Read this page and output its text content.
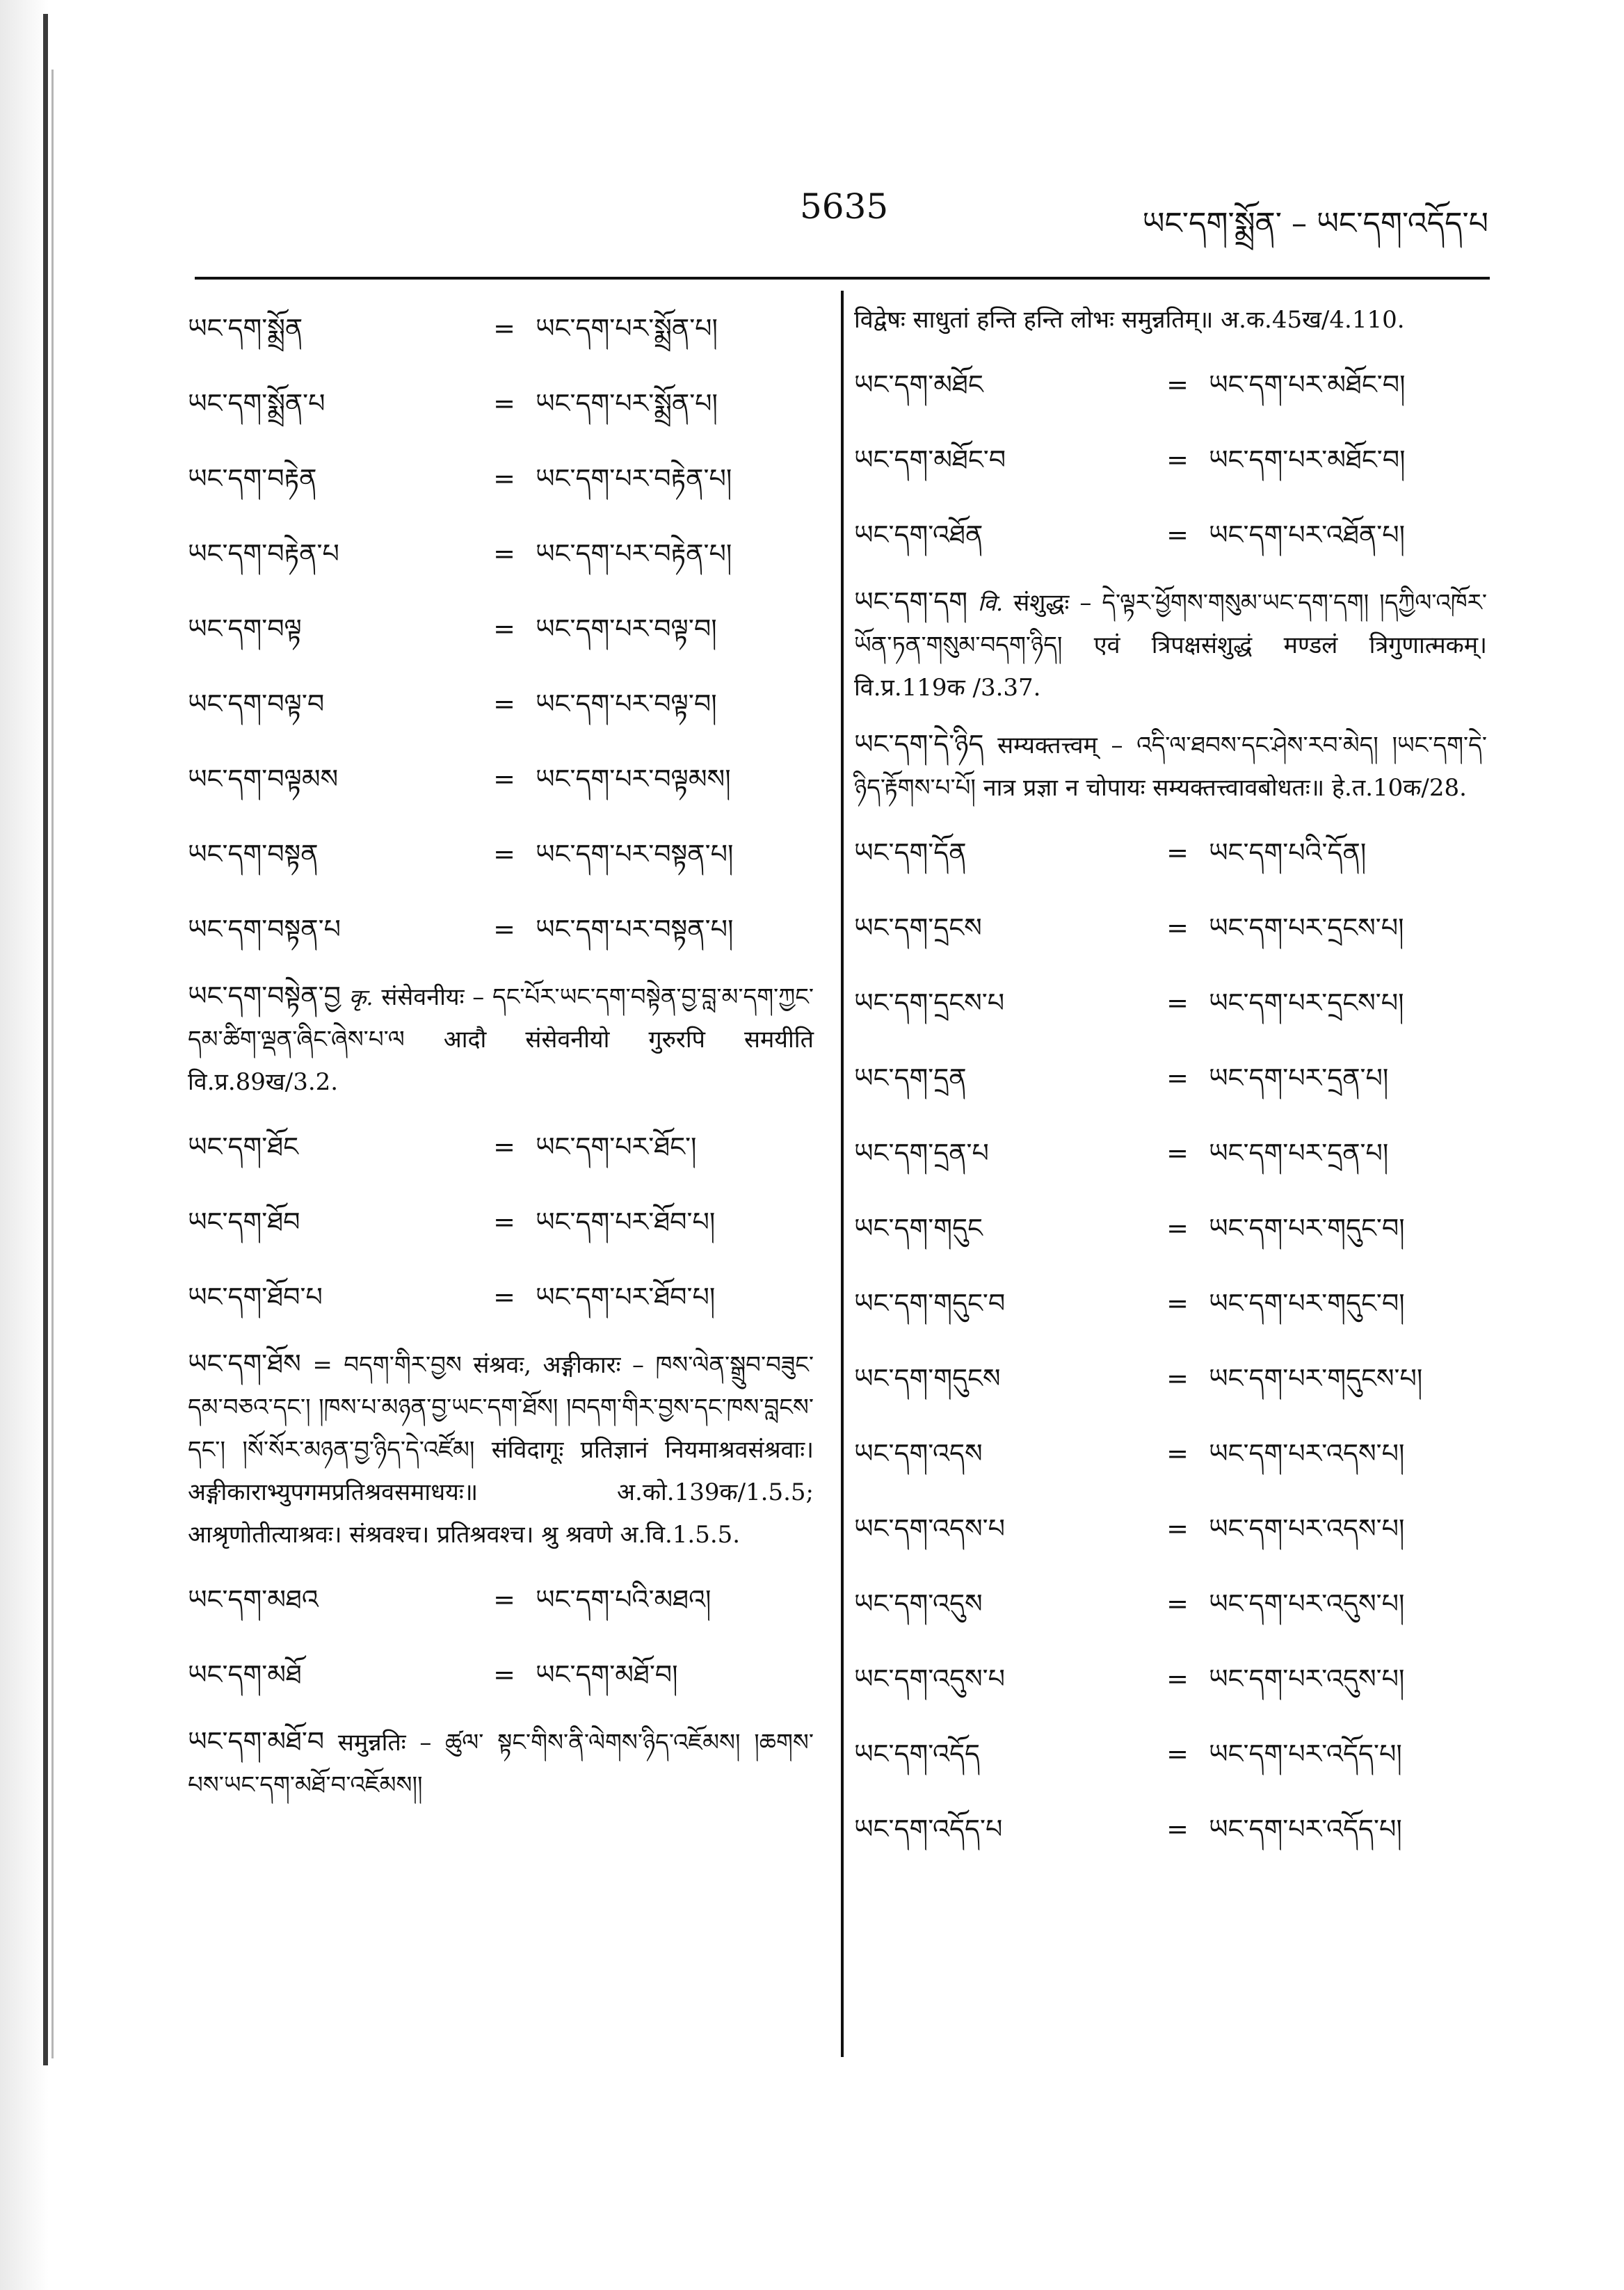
5635	ཡང་དག་སྨྲོན་ – ཡང་དག་འདོད་པ
ཡང་དག་སྨྲོན	= ཡང་དག་པར་སྨྲོན་པ།
ཡང་དག་སྨྲོན་པ	= ཡང་དག་པར་སྨྲོན་པ།
ཡང་དག་བརྟེན	= ཡང་དག་པར་བརྟེན་པ།
ཡང་དག་བརྟེན་པ	= ཡང་དག་པར་བརྟེན་པ།
ཡང་དག་བལྟ	= ཡང་དག་པར་བལྟ་བ།
ཡང་དག་བལྟ་བ	= ཡང་དག་པར་བལྟ་བ།
ཡང་དག་བལྟམས	= ཡང་དག་པར་བལྟམས།
ཡང་དག་བསྟན	= ཡང་དག་པར་བསྟན་པ།
ཡང་དག་བསྟན་པ	= ཡང་དག་པར་བསྟན་པ།
ཡང་དག་བསྟེན་བྱ कृ. संसेवनीयः – དང་པོར་ཡང་དག་བསྟེན་བྱ་བླ་མ་དག་ཀྱང་དམ་ཚིག་ལྡན་ཞིང་ཞེས་པ་ལ आदौ संसेवनीयो गुरुरपि समयीति वि.प्र.89ख/3.2.
ཡང་དག་ཐོང	= ཡང་དག་པར་ཐོང་།
ཡང་དག་ཐོབ	= ཡང་དག་པར་ཐོབ་པ།
ཡང་དག་ཐོབ་པ	= ཡང་དག་པར་ཐོབ་པ།
ཡང་དག་ཐོས = བདག་གིར་བྱས संश्रवः, अङ्गीकारः – ཁས་ལེན་སྒྲུབ་བཟུང་དམ་བཅའ་དང་། །ཁས་པ་མཉན་བྱ་ཡང་དག་ཐོས། །བདག་གིར་བྱས་དང་ཁས་བླངས་དང་། །སོ་སོར་མཉན་བྱ་ཉིད་དེ་འཛོམ། संविदागूः प्रतिज्ञानं नियमाश्रवसंश्रवाः। अङ्गीकाराभ्युपगमप्रतिश्रवसमाधयः॥ अ.को.139क/1.5.5; आश्रृणोतीत्याश्रवः। संश्रवश्च। प्रतिश्रवश्च। श्रु श्रवणे अ.वि.1.5.5.
ཡང་དག་མཐའ	= ཡང་དག་པའི་མཐའ།
ཡང་དག་མཐོ	= ཡང་དག་མཐོ་བ།
ཡང་དག་མཐོ་བ समुन्नतिः – ཚུལ་ སྟང་གིས་ནི་ལེགས་ཉིད་འཇོམས། །ཆགས་པས་ཡང་དག་མཐོ་བ་འཇོམས།།
विद्वेषः साधुतां हन्ति हन्ति लोभः समुन्नतिम्॥ अ.क.45ख/4.110.
ཡང་དག་མཐོང	= ཡང་དག་པར་མཐོང་བ།
ཡང་དག་མཐོང་བ	= ཡང་དག་པར་མཐོང་བ།
ཡང་དག་འཐོན	= ཡང་དག་པར་འཐོན་པ།
ཡང་དག་དག वि. संशुद्धः – དེ་ལྟར་ཕྱོགས་གསུམ་ཡང་དག་དག། །དཀྱིལ་འཁོར་ཡོན་ཏན་གསུམ་བདག་ཉིད། एवं त्रिपक्षसंशुद्धं मण्डलं त्रिगुणात्मकम्। वि.प्र.119क /3.37.
ཡང་དག་དེ་ཉིད सम्यक्तत्त्वम् – འདི་ལ་ཐབས་དང་ཤེས་རབ་མེད། །ཡང་དག་དེ་ཉིད་རྟོགས་པ་པོ། नात्र प्रज्ञा न चोपायः सम्यक्तत्त्वावबोधतः॥ हे.त.10क/28.
ཡང་དག་དོན	= ཡང་དག་པའི་དོན།
ཡང་དག་དྲངས	= ཡང་དག་པར་དྲངས་པ།
ཡང་དག་དྲངས་པ	= ཡང་དག་པར་དྲངས་པ།
ཡང་དག་དྲན	= ཡང་དག་པར་དྲན་པ།
ཡང་དག་དྲན་པ	= ཡང་དག་པར་དྲན་པ།
ཡང་དག་གདུང	= ཡང་དག་པར་གདུང་བ།
ཡང་དག་གདུང་བ	= ཡང་དག་པར་གདུང་བ།
ཡང་དག་གདུངས	= ཡང་དག་པར་གདུངས་པ།
ཡང་དག་འདས	= ཡང་དག་པར་འདས་པ།
ཡང་དག་འདས་པ	= ཡང་དག་པར་འདས་པ།
ཡང་དག་འདུས	= ཡང་དག་པར་འདུས་པ།
ཡང་དག་འདུས་པ	= ཡང་དག་པར་འདུས་པ།
ཡང་དག་འདོད	= ཡང་དག་པར་འདོད་པ།
ཡང་དག་འདོད་པ	= ཡང་དག་པར་འདོད་པ།
